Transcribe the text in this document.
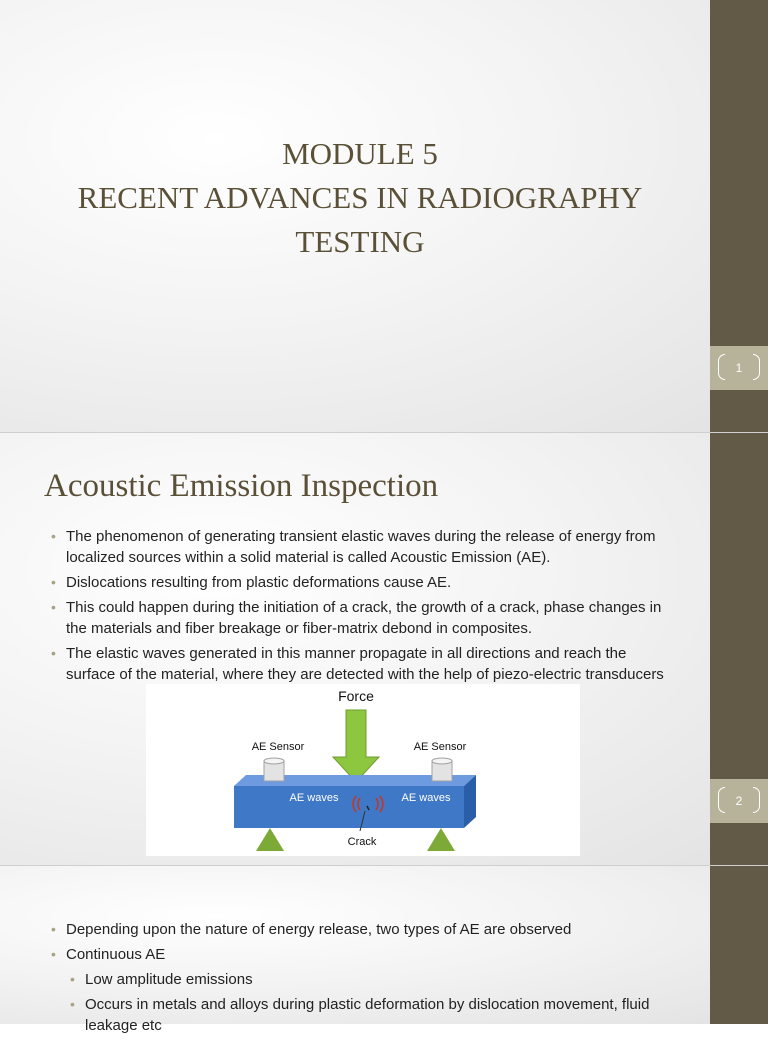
1
MODULE 5
RECENT ADVANCES IN RADIOGRAPHY
TESTING
2
Acoustic Emission Inspection
• The phenomenon of generating transient elastic waves during the release of energy from localized sources within a solid material is called Acoustic Emission (AE).
• Dislocations resulting from plastic deformations cause AE.
• This could happen during the initiation of a crack, the growth of a crack, phase changes in the materials and fiber breakage or fiber-matrix debond in composites.
• The elastic waves generated in this manner propagate in all directions and reach the surface of the material, where they are detected with the help of piezo-electric transducers
Force
AE Sensor	AE Sensor
AE waves	AE waves
Crack
• Depending upon the nature of energy release, two types of AE are observed
• Continuous AE
• Low amplitude emissions
• Occurs in metals and alloys during plastic deformation by dislocation movement, fluid leakage etc
